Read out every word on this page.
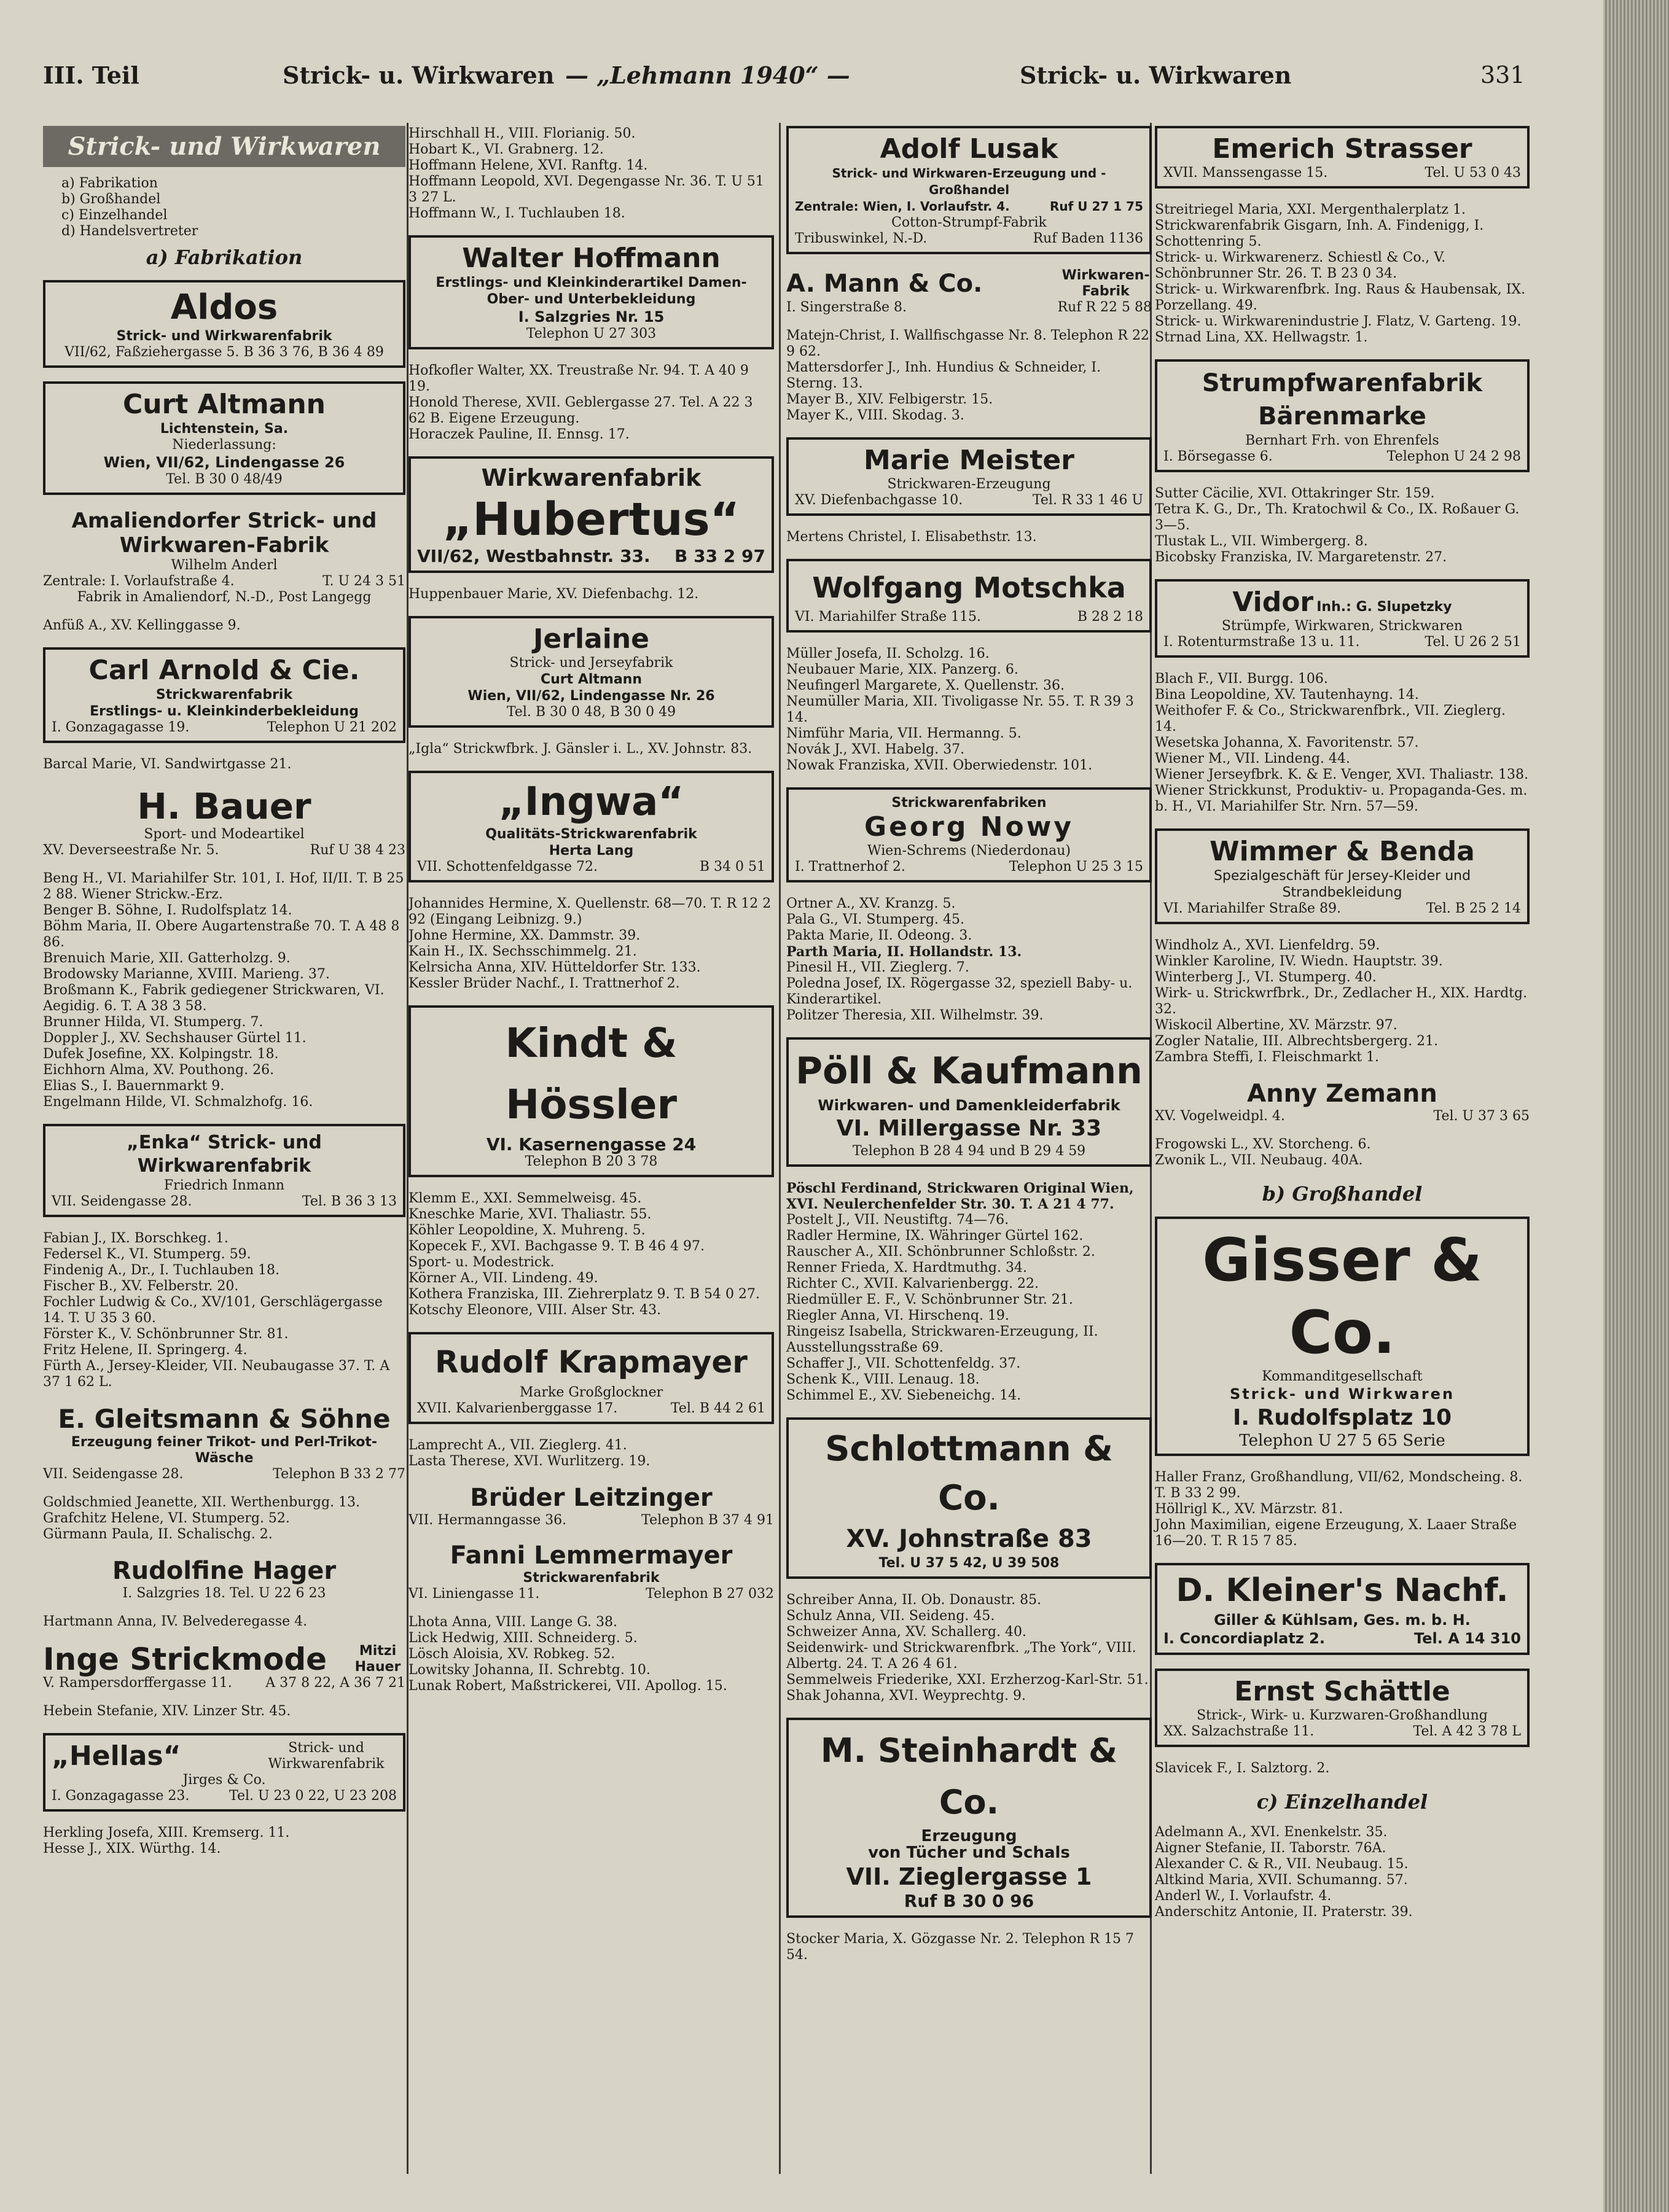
III. Teil	Strick- u. Wirkwaren — „Lehmann 1940“ —	Strick- u. Wirkwaren	331
Strick- und Wirkwaren
a) Fabrikation
b) Großhandel
c) Einzelhandel
d) Handelsvertreter
a) Fabrikation
Aldos
Strick- und Wirkwarenfabrik
VII/62, Faßziehergasse 5. B 36 3 76, B 36 4 89
Curt Altmann
Lichtenstein, Sa.
Niederlassung:
Wien, VII/62, Lindengasse 26
Tel. B 30 0 48/49
Amaliendorfer Strick- und Wirkwaren-Fabrik
Wilhelm Anderl
Zentrale: I. Vorlaufstraße 4.	T. U 24 3 51
Fabrik in Amaliendorf, N.-D., Post Langegg
Anfüß A., XV. Kellinggasse 9.
Carl Arnold & Cie.
Strickwarenfabrik
Erstlings- u. Kleinkinderbekleidung
I. Gonzagagasse 19.	Telephon U 21 202
Barcal Marie, VI. Sandwirtgasse 21.
H. Bauer
Sport- und Modeartikel
XV. Deverseestraße Nr. 5.	Ruf U 38 4 23
Beng H., VI. Mariahilfer Str. 101, I. Hof, II/II. T. B 25 2 88. Wiener Strickw.-Erz.
Benger B. Söhne, I. Rudolfsplatz 14.
Böhm Maria, II. Obere Augartenstraße 70. T. A 48 8 86.
Brenuich Marie, XII. Gatterholzg. 9.
Brodowsky Marianne, XVIII. Marieng. 37.
Broßmann K., Fabrik gediegener Strickwaren, VI. Aegidig. 6. T. A 38 3 58.
Brunner Hilda, VI. Stumperg. 7.
Doppler J., XV. Sechshauser Gürtel 11.
Dufek Josefine, XX. Kolpingstr. 18.
Eichhorn Alma, XV. Pouthong. 26.
Elias S., I. Bauernmarkt 9.
Engelmann Hilde, VI. Schmalzhofg. 16.
„Enka“ Strick- und Wirkwarenfabrik
Friedrich Inmann
VII. Seidengasse 28.	Tel. B 36 3 13
Fabian J., IX. Borschkeg. 1.
Federsel K., VI. Stumperg. 59.
Findenig A., Dr., I. Tuchlauben 18.
Fischer B., XV. Felberstr. 20.
Fochler Ludwig & Co., XV/101, Gerschlägergasse 14. T. U 35 3 60.
Förster K., V. Schönbrunner Str. 81.
Fritz Helene, II. Springerg. 4.
Fürth A., Jersey-Kleider, VII. Neubaugasse 37. T. A 37 1 62 L.
E. Gleitsmann & Söhne
Erzeugung feiner Trikot- und Perl-Trikot-Wäsche
VII. Seidengasse 28.	Telephon B 33 2 77
Goldschmied Jeanette, XII. Werthenburgg. 13.
Grafchitz Helene, VI. Stumperg. 52.
Gürmann Paula, II. Schalischg. 2.
Rudolfine Hager
I. Salzgries 18. Tel. U 22 6 23
Hartmann Anna, IV. Belvederegasse 4.
Inge Strickmode	Mitzi Hauer
V. Rampersdorffergasse 11. A 37 8 22, A 36 7 21
Hebein Stefanie, XIV. Linzer Str. 45.
„Hellas“	Strick- und Wirkwarenfabrik
Jirges & Co.
I. Gonzagagasse 23.	Tel. U 23 0 22, U 23 208
Herkling Josefa, XIII. Kremserg. 11.
Hesse J., XIX. Würthg. 14.
Hirschhall H., VIII. Florianig. 50.
Hobart K., VI. Grabnerg. 12.
Hoffmann Helene, XVI. Ranftg. 14.
Hoffmann Leopold, XVI. Degengasse Nr. 36. T. U 51 3 27 L.
Hoffmann W., I. Tuchlauben 18.
Walter Hoffmann
Erstlings- und Kleinkinderartikel Damen-Ober- und Unterbekleidung
I. Salzgries Nr. 15
Telephon U 27 303
Hofkofler Walter, XX. Treustraße Nr. 94. T. A 40 9 19.
Honold Therese, XVII. Geblergasse 27. Tel. A 22 3 62 B. Eigene Erzeugung.
Horaczek Pauline, II. Ennsg. 17.
Wirkwarenfabrik
„Hubertus“
VII/62, Westbahnstr. 33. B 33 2 97
Huppenbauer Marie, XV. Diefenbachg. 12.
Jerlaine
Strick- und Jerseyfabrik
Curt Altmann
Wien, VII/62, Lindengasse Nr. 26
Tel. B 30 0 48, B 30 0 49
„Igla“ Strickwfbrk. J. Gänsler i. L., XV. Johnstr. 83.
„Ingwa“
Qualitäts-Strickwarenfabrik
Herta Lang
VII. Schottenfeldgasse 72.	B 34 0 51
Johannides Hermine, X. Quellenstr. 68—70. T. R 12 2 92 (Eingang Leibnizg. 9.)
Johne Hermine, XX. Dammstr. 39.
Kain H., IX. Sechsschimmelg. 21.
Kelrsicha Anna, XIV. Hütteldorfer Str. 133.
Kessler Brüder Nachf., I. Trattnerhof 2.
Kindt & Hössler
VI. Kasernengasse 24
Telephon B 20 3 78
Klemm E., XXI. Semmelweisg. 45.
Kneschke Marie, XVI. Thaliastr. 55.
Köhler Leopoldine, X. Muhreng. 5.
Kopecek F., XVI. Bachgasse 9. T. B 46 4 97.
Sport- u. Modestrick.
Körner A., VII. Lindeng. 49.
Kothera Franziska, III. Ziehrerplatz 9. T. B 54 0 27.
Kotschy Eleonore, VIII. Alser Str. 43.
Rudolf Krapmayer
Marke Großglockner
XVII. Kalvarienberggasse 17.	Tel. B 44 2 61
Lamprecht A., VII. Zieglerg. 41.
Lasta Therese, XVI. Wurlitzerg. 19.
Brüder Leitzinger
VII. Hermanngasse 36.	Telephon B 37 4 91
Fanni Lemmermayer
Strickwarenfabrik
VI. Liniengasse 11.	Telephon B 27 032
Lhota Anna, VIII. Lange G. 38.
Lick Hedwig, XIII. Schneiderg. 5.
Lösch Aloisia, XV. Robkeg. 52.
Lowitsky Johanna, II. Schrebtg. 10.
Lunak Robert, Maßstrickerei, VII. Apollog. 15.
Adolf Lusak
Strick- und Wirkwaren-Erzeugung und -Großhandel
Zentrale: Wien, I. Vorlaufstr. 4.	Ruf U 27 1 75
Cotton-Strumpf-Fabrik
Tribuswinkel, N.-D.	Ruf Baden 1136
A. Mann & Co.	Wirkwaren-Fabrik
I. Singerstraße 8.	Ruf R 22 5 88
Matejn-Christ, I. Wallfischgasse Nr. 8. Telephon R 22 9 62.
Mattersdorfer J., Inh. Hundius & Schneider, I. Sterng. 13.
Mayer B., XIV. Felbigerstr. 15.
Mayer K., VIII. Skodag. 3.
Marie Meister
Strickwaren-Erzeugung
XV. Diefenbachgasse 10.	Tel. R 33 1 46 U
Mertens Christel, I. Elisabethstr. 13.
Wolfgang Motschka
VI. Mariahilfer Straße 115.	B 28 2 18
Müller Josefa, II. Scholzg. 16.
Neubauer Marie, XIX. Panzerg. 6.
Neufingerl Margarete, X. Quellenstr. 36.
Neumüller Maria, XII. Tivoligasse Nr. 55. T. R 39 3 14.
Nimführ Maria, VII. Hermanng. 5.
Novák J., XVI. Habelg. 37.
Nowak Franziska, XVII. Oberwiedenstr. 101.
Strickwarenfabriken
Georg Nowy
Wien-Schrems (Niederdonau)
I. Trattnerhof 2.	Telephon U 25 3 15
Ortner A., XV. Kranzg. 5.
Pala G., VI. Stumperg. 45.
Pakta Marie, II. Odeong. 3.
Parth Maria, II. Hollandstr. 13.
Pinesil H., VII. Zieglerg. 7.
Poledna Josef, IX. Rögergasse 32, speziell Baby- u. Kinderartikel.
Politzer Theresia, XII. Wilhelmstr. 39.
Pöll & Kaufmann
Wirkwaren- und Damenkleiderfabrik
VI. Millergasse Nr. 33
Telephon B 28 4 94 und B 29 4 59
Pöschl Ferdinand, Strickwaren Original Wien, XVI. Neulerchenfelder Str. 30. T. A 21 4 77.
Postelt J., VII. Neustiftg. 74—76.
Radler Hermine, IX. Währinger Gürtel 162.
Rauscher A., XII. Schönbrunner Schloßstr. 2.
Renner Frieda, X. Hardtmuthg. 34.
Richter C., XVII. Kalvarienbergg. 22.
Riedmüller E. F., V. Schönbrunner Str. 21.
Riegler Anna, VI. Hirschenq. 19.
Ringeisz Isabella, Strickwaren-Erzeugung, II. Ausstellungsstraße 69.
Schaffer J., VII. Schottenfeldg. 37.
Schenk K., VIII. Lenaug. 18.
Schimmel E., XV. Siebeneichg. 14.
Schlottmann & Co.
XV. Johnstraße 83
Tel. U 37 5 42, U 39 508
Schreiber Anna, II. Ob. Donaustr. 85.
Schulz Anna, VII. Seideng. 45.
Schweizer Anna, XV. Schallerg. 40.
Seidenwirk- und Strickwarenfbrk. „The York“, VIII. Albertg. 24. T. A 26 4 61.
Semmelweis Friederike, XXI. Erzherzog-Karl-Str. 51.
Shak Johanna, XVI. Weyprechtg. 9.
M. Steinhardt & Co.
Erzeugung
von Tücher und Schals
VII. Zieglergasse 1
Ruf B 30 0 96
Stocker Maria, X. Gözgasse Nr. 2. Telephon R 15 7 54.
Emerich Strasser
XVII. Manssengasse 15.	Tel. U 53 0 43
Streitriegel Maria, XXI. Mergenthalerplatz 1.
Strickwarenfabrik Gisgarn, Inh. A. Findenigg, I. Schottenring 5.
Strick- u. Wirkwarenerz. Schiestl & Co., V. Schönbrunner Str. 26. T. B 23 0 34.
Strick- u. Wirkwarenfbrk. Ing. Raus & Haubensak, IX. Porzellang. 49.
Strick- u. Wirkwarenindustrie J. Flatz, V. Garteng. 19.
Strnad Lina, XX. Hellwagstr. 1.
Strumpfwarenfabrik Bärenmarke
Bernhart Frh. von Ehrenfels
I. Börsegasse 6.	Telephon U 24 2 98
Sutter Cäcilie, XVI. Ottakringer Str. 159.
Tetra K. G., Dr., Th. Kratochwil & Co., IX. Roßauer G. 3—5.
Tlustak L., VII. Wimbergerg. 8.
Bicobsky Franziska, IV. Margaretenstr. 27.
Vidor Inh.: G. Slupetzky
Strümpfe, Wirkwaren, Strickwaren
I. Rotenturmstraße 13 u. 11.	Tel. U 26 2 51
Blach F., VII. Burgg. 106.
Bina Leopoldine, XV. Tautenhayng. 14.
Weithofer F. & Co., Strickwarenfbrk., VII. Zieglerg. 14.
Wesetska Johanna, X. Favoritenstr. 57.
Wiener M., VII. Lindeng. 44.
Wiener Jerseyfbrk. K. & E. Venger, XVI. Thaliastr. 138.
Wiener Strickkunst, Produktiv- u. Propaganda-Ges. m. b. H., VI. Mariahilfer Str. Nrn. 57—59.
Wimmer & Benda
Spezialgeschäft für Jersey-Kleider und Strandbekleidung
VI. Mariahilfer Straße 89.	Tel. B 25 2 14
Windholz A., XVI. Lienfeldrg. 59.
Winkler Karoline, IV. Wiedn. Hauptstr. 39.
Winterberg J., VI. Stumperg. 40.
Wirk- u. Strickwrfbrk., Dr., Zedlacher H., XIX. Hardtg. 32.
Wiskocil Albertine, XV. Märzstr. 97.
Zogler Natalie, III. Albrechtsbergerg. 21.
Zambra Steffi, I. Fleischmarkt 1.
Anny Zemann
XV. Vogelweidpl. 4.	Tel. U 37 3 65
Frogowski L., XV. Storcheng. 6.
Zwonik L., VII. Neubaug. 40A.
b) Großhandel
Gisser & Co.
Kommanditgesellschaft
Strick- und Wirkwaren
I. Rudolfsplatz 10
Telephon U 27 5 65 Serie
Haller Franz, Großhandlung, VII/62, Mondscheing. 8. T. B 33 2 99.
Höllrigl K., XV. Märzstr. 81.
John Maximilian, eigene Erzeugung, X. Laaer Straße 16—20. T. R 15 7 85.
D. Kleiner's Nachf.
Giller & Kühlsam, Ges. m. b. H.
I. Concordiaplatz 2.	Tel. A 14 310
Ernst Schättle
Strick-, Wirk- u. Kurzwaren-Großhandlung
XX. Salzachstraße 11.	Tel. A 42 3 78 L
Slavicek F., I. Salztorg. 2.
c) Einzelhandel
Adelmann A., XVI. Enenkelstr. 35.
Aigner Stefanie, II. Taborstr. 76A.
Alexander C. & R., VII. Neubaug. 15.
Altkind Maria, XVII. Schumanng. 57.
Anderl W., I. Vorlaufstr. 4.
Anderschitz Antonie, II. Praterstr. 39.
